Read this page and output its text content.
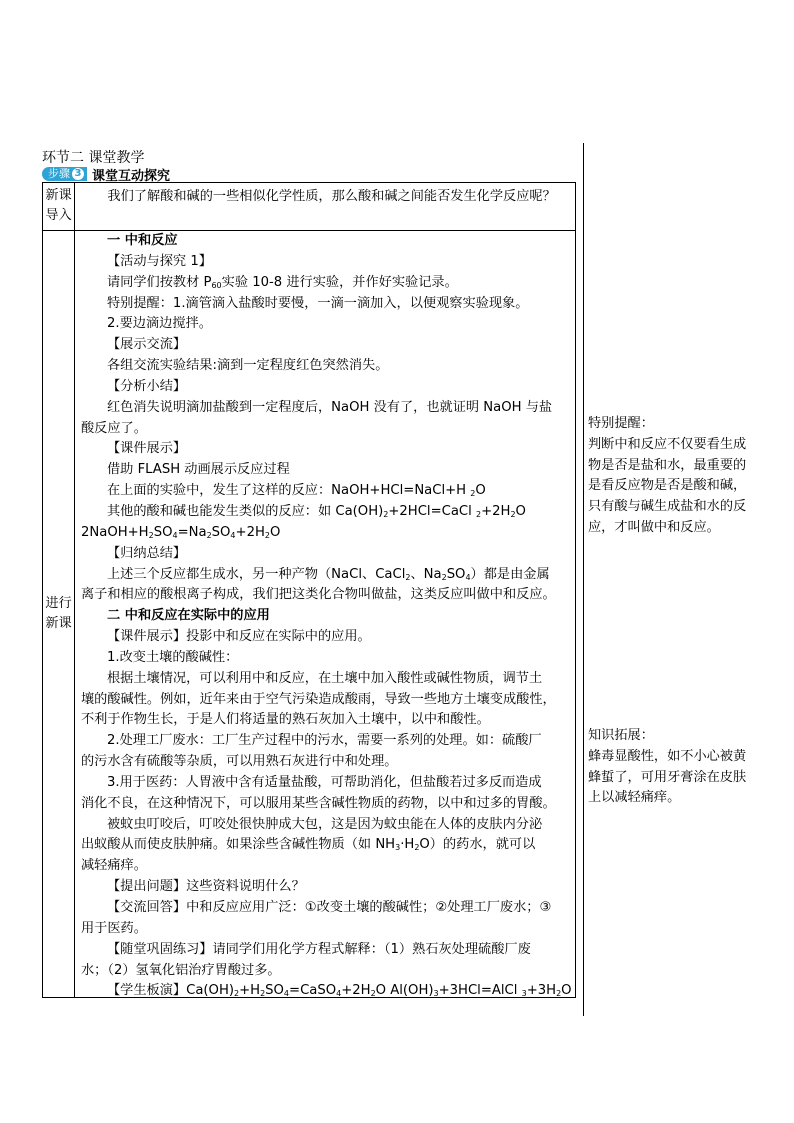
环节二 课堂教学
步骤 3 课堂互动探究
新课导入
我们了解酸和碱的一些相似化学性质，那么酸和碱之间能否发生化学反应呢？
进行新课
一 中和反应
【活动与探究 1】
请同学们按教材 $P_{60}$实验 10-8 进行实验，并作好实验记录。
特别提醒：1.滴管滴入盐酸时要慢，一滴一滴加入，以便观察实验现象。
2.要边滴边搅拌。
【展示交流】
各组交流实验结果:滴到一定程度红色突然消失。
【分析小结】
红色消失说明滴加盐酸到一定程度后，NaOH 没有了，也就证明 NaOH 与盐
酸反应了。
【课件展示】
借助 FLASH 动画展示反应过程
在上面的实验中，发生了这样的反应：NaOH+HCl=NaCl+H $_2$O
其他的酸和碱也能发生类似的反应：如 $Ca(OH)_2+2HCl=CaCl$ $_2+2H_2O$
$2NaOH+H_2SO_4=Na_2SO_4+2H_2O$
【归纳总结】
上述三个反应都生成水，另一种产物（NaCl、CaCl$_2$、$Na_2SO_4$）都是由金属
离子和相应的酸根离子构成，我们把这类化合物叫做盐，这类反应叫做中和反应。
二 中和反应在实际中的应用
【课件展示】投影中和反应在实际中的应用。
1.改变土壤的酸碱性：
根据土壤情况，可以利用中和反应，在土壤中加入酸性或碱性物质，调节土
壤的酸碱性。例如，近年来由于空气污染造成酸雨，导致一些地方土壤变成酸性，
不利于作物生长，于是人们将适量的熟石灰加入土壤中，以中和酸性。
2.处理工厂废水：工厂生产过程中的污水，需要一系列的处理。如：硫酸厂
的污水含有硫酸等杂质，可以用熟石灰进行中和处理。
3.用于医药：人胃液中含有适量盐酸，可帮助消化，但盐酸若过多反而造成
消化不良，在这种情况下，可以服用某些含碱性物质的药物，以中和过多的胃酸。
被蚊虫叮咬后，叮咬处很快肿成大包，这是因为蚊虫能在人体的皮肤内分泌
出蚁酸从而使皮肤肿痛。如果涂些含碱性物质（如 $NH_3\cdot H_2O$）的药水，就可以
减轻痛痒。
【提出问题】这些资料说明什么？
【交流回答】中和反应应用广泛：①改变土壤的酸碱性；②处理工厂废水；③
用于医药。
【随堂巩固练习】请同学们用化学方程式解释：（1）熟石灰处理硫酸厂废
水；（2）氢氧化铝治疗胃酸过多。
【学生板演】$Ca(OH)_2+H_2SO_4=CaSO_4+2H_2O$ $Al(OH)_3+3HCl=AlCl$ $_3+3H_2O$
特别提醒：
判断中和反应不仅要看生成
物是否是盐和水，最重要的
是看反应物是否是酸和碱，
只有酸与碱生成盐和水的反
应，才叫做中和反应。
知识拓展：
蜂毒显酸性，如不小心被黄
蜂蜇了，可用牙膏涂在皮肤
上以减轻痛痒。
